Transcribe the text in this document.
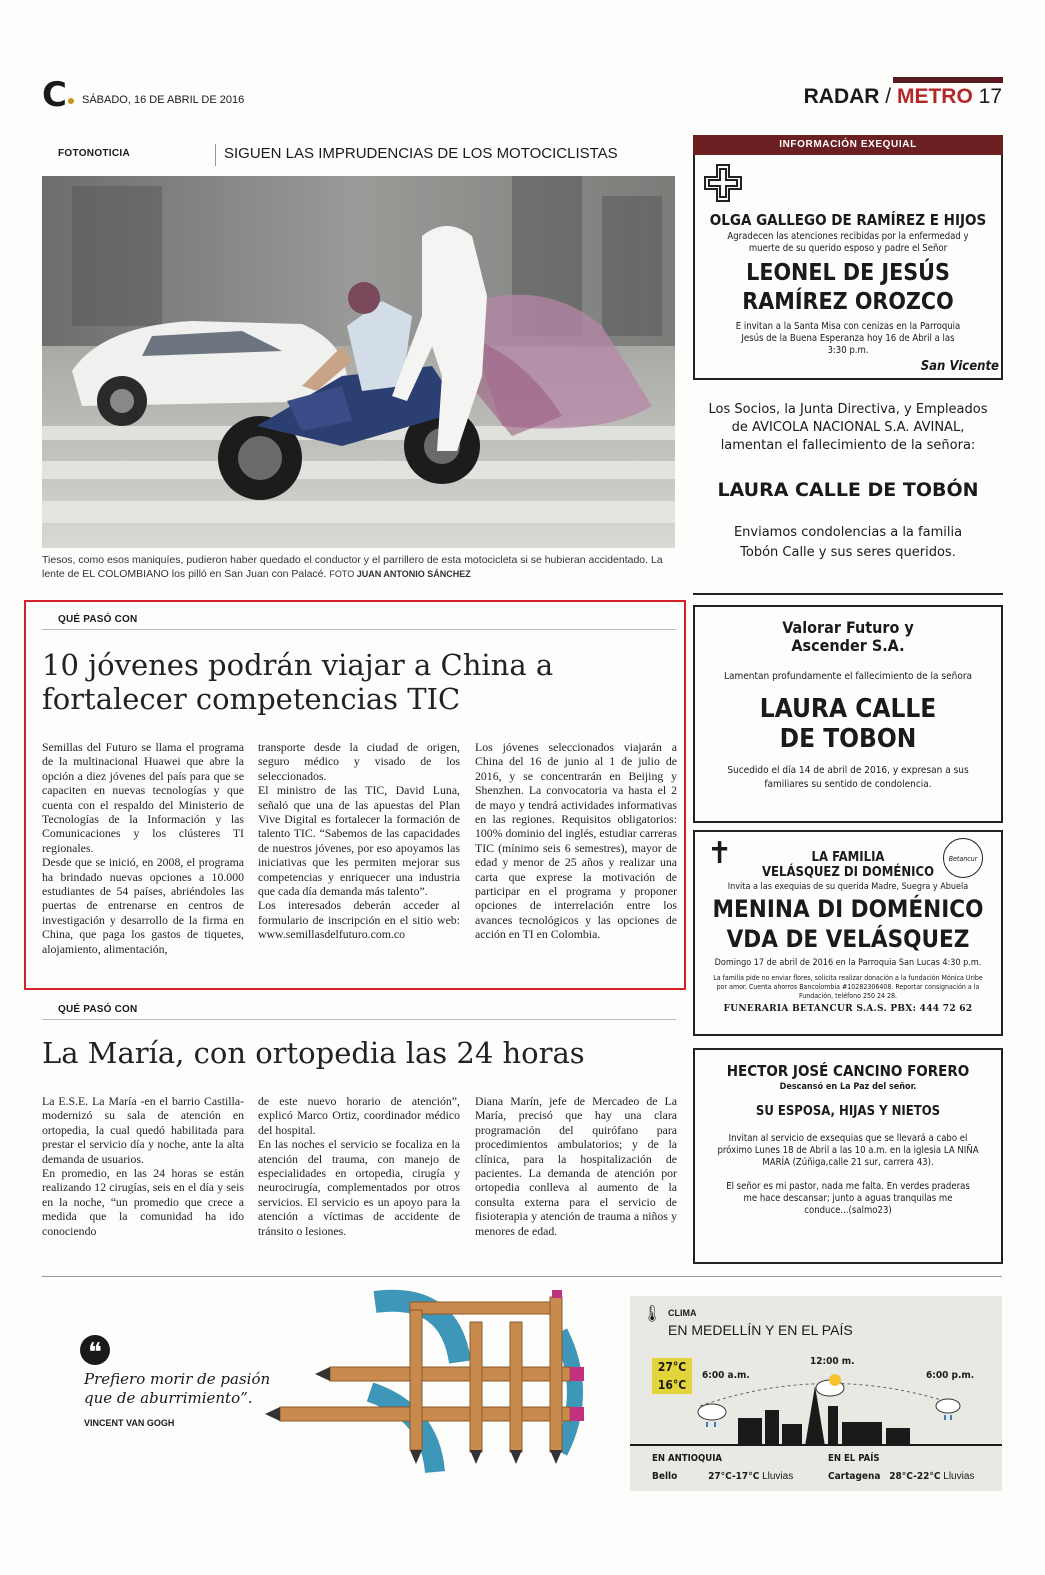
C	SÁBADO, 16 DE ABRIL DE 2016	RADAR / METRO 17
FOTONOTICIA	SIGUEN LAS IMPRUDENCIAS DE LOS MOTOCICLISTAS
Tiesos, como esos maniquíes, pudieron haber quedado el conductor y el parrillero de esta motocicleta si se hubieran accidentado. La lente de EL COLOMBIANO los pilló en San Juan con Palacé. FOTO JUAN ANTONIO SÁNCHEZ
QUÉ PASÓ CON
10 jóvenes podrán viajar a China a fortalecer competencias TIC

Semillas del Futuro se llama el programa de la multinacional Huawei que abre la opción a diez jóvenes del país para que se capaciten en nuevas tecnologías y que cuenta con el respaldo del Ministerio de Tecnologías de la Información y las Comunicaciones y los clústeres TI regionales.

Desde que se inició, en 2008, el programa ha brindado nuevas opciones a 10.000 estudiantes de 54 países, abriéndoles las puertas de entrenarse en centros de investigación y desarrollo de la firma en China, que paga los gastos de tiquetes, alojamiento, alimentación,

transporte desde la ciudad de origen, seguro médico y visado de los seleccionados.

El ministro de las TIC, David Luna, señaló que una de las apuestas del Plan Vive Digital es fortalecer la formación de talento TIC. “Sabemos de las capacidades de nuestros jóvenes, por eso apoyamos las iniciativas que les permiten mejorar sus competencias y enriquecer una industria que cada día demanda más talento”.

Los interesados deberán acceder al formulario de inscripción en el sitio web: www.semillasdelfuturo.com.co

Los jóvenes seleccionados viajarán a China del 16 de junio al 1 de julio de 2016, y se concentrarán en Beijing y Shenzhen. La convocatoria va hasta el 2 de mayo y tendrá actividades informativas en las regiones. Requisitos obligatorios: 100% dominio del inglés, estudiar carreras TIC (mínimo seis 6 semestres), mayor de edad y menor de 25 años y realizar una carta que exprese la motivación de participar en el programa y proponer opciones de interrelación entre los avances tecnológicos y las opciones de acción en TI en Colombia.

QUÉ PASÓ CON
La María, con ortopedia las 24 horas

La E.S.E. La María -en el barrio Castilla- modernizó su sala de atención en ortopedia, la cual quedó habilitada para prestar el servicio día y noche, ante la alta demanda de usuarios.

En promedio, en las 24 horas se están realizando 12 cirugías, seis en el día y seis en la noche, “un promedio que crece a medida que la comunidad ha ido conociendo

de este nuevo horario de atención”, explicó Marco Ortiz, coordinador médico del hospital.

En las noches el servicio se focaliza en la atención del trauma, con manejo de especialidades en ortopedia, cirugía y neurocirugía, complementados por otros servicios. El servicio es un apoyo para la atención a víctimas de accidente de tránsito o lesiones.

Diana Marín, jefe de Mercadeo de La María, precisó que hay una clara programación del quirófano para procedimientos ambulatorios; y de la clínica, para la hospitalización de pacientes. La demanda de atención por ortopedia conlleva al aumento de la consulta externa para el servicio de fisioterapia y atención de trauma a niños y menores de edad.

❝
Prefiero morir de pasión que de aburrimiento”.
VINCENT VAN GOGH
🌡 CLIMA
EN MEDELLÍN Y EN EL PAÍS
27°C
16°C
6:00 a.m.
12:00 m.
6:00 p.m.
EN ANTIOQUIA	EN EL PAÍS
Bello	27°C-17°C Lluvias	Cartagena 28°C-22°C Lluvias
INFORMACIÓN EXEQUIAL
OLGA GALLEGO DE RAMÍREZ E HIJOS
Agradecen las atenciones recibidas por la enfermedad y muerte de su querido esposo y padre el Señor
LEONEL DE JESÚS
RAMÍREZ OROZCO
E invitan a la Santa Misa con cenizas en la Parroquia Jesús de la Buena Esperanza hoy 16 de Abril a las 3:30 p.m.
San Vicente
Los Socios, la Junta Directiva, y Empleados de AVICOLA NACIONAL S.A. AVINAL, lamentan el fallecimiento de la señora:
LAURA CALLE DE TOBÓN
Enviamos condolencias a la familia Tobón Calle y sus seres queridos.
Valorar Futuro y Ascender S.A.
Lamentan profundamente el fallecimiento de la señora
LAURA CALLE
DE TOBON
Sucedido el día 14 de abril de 2016, y expresan a sus familiares su sentido de condolencia.
✝	Betancur
LA FAMILIA
VELÁSQUEZ DI DOMÉNICO
Invita a las exequias de su querida Madre, Suegra y Abuela
MENINA DI DOMÉNICO
VDA DE VELÁSQUEZ
Domingo 17 de abril de 2016 en la Parroquia San Lucas 4:30 p.m.
La familia pide no enviar flores, solicita realizar donación a la fundación Mónica Uribe por amor. Cuenta ahorros Bancolombia #10282306408. Reportar consignación a la Fundación, teléfono 250 24 28.
FUNERARIA BETANCUR S.A.S. PBX: 444 72 62
HECTOR JOSÉ CANCINO FORERO
Descansó en La Paz del señor.
SU ESPOSA, HIJAS Y NIETOS
Invitan al servicio de exsequias que se llevará a cabo el próximo Lunes 18 de Abril a las 10 a.m. en la iglesia LA NIÑA MARÍA (Zúñiga,calle 21 sur, carrera 43).
El señor es mi pastor, nada me falta. En verdes praderas me hace descansar; junto a aguas tranquilas me conduce...(salmo23)
